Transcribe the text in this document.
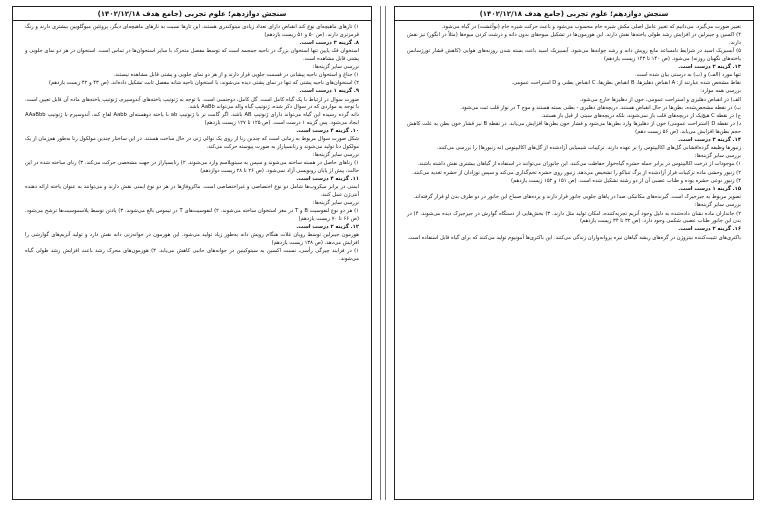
سنجش دوازدهم؛ علوم تجربی (جامع هدف ۱۴۰۲/۱۲/۱۸)

۱) تارهای ماهیچه‌ای نوع کند انقباض دارای تعداد زیادی میتوکندری هستند. این تارها نسبت به تارهای ماهیچه‌ای دیگر، پروتئین میوگلوبین بیشتری دارند و رنگ قرمزتری دارند. (ص ۵۰ و ۵۱ زیست یازدهم)

۸. گزینه ۳ درست است.

استخوان فک پایین تنها استخوان بزرگ در ناحیه جمجمه است که توسط مفصل متحرک با سایر استخوان‌ها در تماس است. استخوان در هر دو نمای جلویی و پشتی قابل مشاهده است.

بررسی سایر گزینه‌ها:

۱) جناغ و استخوان ناحیه پیشانی در قسمت جلویی قرار دارند و از هر دو نمای جلویی و پشتی قابل مشاهده نیستند.

۲) استخوان‌های ناحیه پشتی که تنها در نمای پشتی دیده می‌شوند، با استخوان ناحیه شانه مفصل ثابت تشکیل داده‌اند. (ص ۴۳ و ۴۲ زیست یازدهم)

۹. گزینه ۱ درست است.

صورت سوال در ارتباط با یک گیاه کامل است. گل کامل، دوجنسی است. با توجه به ژنوتیپ یاخته‌های آندوسپرم، ژنوتیپ یاخته‌های ماده آن قابل تعیین است. با توجه به مواردی که در سوال ذکر شده، ژنوتیپ گیاه والد می‌تواند AaBb باشد.

دانه گرده رسیده این گیاه می‌تواند دارای ژنوتیپ AB باشد. اگر گامت نر با ژنوتیپ ab با یاخته دوهسته‌ای Aabb لقاح کند، آندوسپرم با ژنوتیپ AAaBbb ایجاد می‌شود. پس گزینه ۱ درست است. (ص ۱۲۵ تا ۱۲۷ زیست یازدهم)

۱۰. گزینه ۴ درست است.

شکل صورت سوال مربوط به زمانی است که چندین رنا از روی یک نوالی ژنی در حال ساخت هستند. در این ساختار چندین مولکول رنا به‌طور هم‌زمان از یک مولکول دنا تولید می‌شوند و رنابسپاراز به صورت پیوسته حرکت می‌کند.

بررسی سایر گزینه‌ها:

۱) رناهای حاصل در هسته ساخته می‌شوند و سپس به سیتوپلاسم وارد می‌شوند. ۲) رنابسپاراز در جهت مشخصی حرکت می‌کند. ۳) رنای ساخته شده در این حالت، پیش از پایان رونویسی آزاد نمی‌شود. (ص ۲۶ تا ۲۸ زیست دوازدهم)

۱۱. گزینه ۴ درست است.

ایمنی در برابر میکروب‌ها شامل دو نوع اختصاصی و غیراختصاصی است. ماکروفاژها در هر دو نوع ایمنی نقش دارند و می‌توانند به عنوان یاخته ارائه دهنده آنتی‌ژن عمل کنند.

بررسی سایر گزینه‌ها:

۱) هر دو نوع لنفوسیت B و T در مغز استخوان ساخته می‌شوند. ۲) لنفوسیت‌های T در تیموس بالغ می‌شوند. ۳) پادتن توسط پلاسموسیت‌ها ترشح می‌شود. (ص ۶۶ تا ۷۰ زیست یازدهم)

۱۲. گزینه ۲ درست است.

هورمون جیبرلین توسط رویان غلات هنگام رویش دانه به‌طور زیاد تولید می‌شود. این هورمون در جوانه‌زنی دانه نقش دارد و تولید آنزیم‌های گوارشی را افزایش می‌دهد. (ص ۱۳۸ زیست یازدهم)

۱) در فرایند چیرگی رأسی، نسبت اکسین به سیتوکینین در جوانه‌های جانبی کاهش می‌یابد. ۳) هورمون‌های محرک رشد باعث افزایش رشد طولی گیاه می‌شوند.

سنجش دوازدهم؛ علوم تجربی (جامع هدف ۱۴۰۲/۱۲/۱۸)

تغییر صورت می‌گیرد. می‌دانیم که تغییر عامل اصلی مکش شیره خام محسوب می‌شود و باعث حرکت شیره خام (نوآغشت) در گیاه می‌شود.

۴) اکسین و جیبرلین در افزایش رشد طولی یاخته‌ها نقش دارند. این هورمون‌ها در تشکیل میوه‌های بدون دانه و درشت کردن میوه‌ها (مثلاً در انگور) نیز نقش دارند.

۵) آبسیزیک اسید در شرایط نامساعد مانع رویش دانه و رشد جوانه‌ها می‌شود. آبسیزیک اسید باعث بسته شدن روزنه‌های هوایی (کاهش فشار تورژسانس یاخته‌های نگهبان روزنه) می‌شود. (ص ۱۴۰ تا ۱۴۳ زیست یازدهم)

۱۳. گزینه ۲ درست است.

تنها مورد (الف) و (ب) به درستی بیان شده است.

نقاط مشخص شده عبارتند از: A انقباض دهلیزها، B انقباض بطن‌ها، C انقباض بطنی و D استراحت عمومی.

بررسی همه موارد:

الف) در انقباض دهلیزی و استراحت عمومی، خون از دهلیزها خارج می‌شود.

ب) در نقطه مشخص‌شده، بطن‌ها در حال انقباض هستند. دریچه‌های دهلیزی - بطنی بسته هستند و موج T در نوار قلب ثبت می‌شود.

ج) در نقطه C هیچ‌یک از دریچه‌های قلب باز نمی‌شوند، بلکه دریچه‌های سینی از قبل باز هستند.

د) در نقطه D (استراحت عمومی) خون از دهلیزها وارد بطن‌ها می‌شود و فشار خون بطن‌ها افزایش می‌یابد. در نقطه B نیز فشار خون بطن به علت کاهش حجم بطن‌ها افزایش می‌یابد. (ص ۵۶ زیست دهم)

۱۴. گزینه ۳ درست است.

زنبورها وظیفه گرده‌افشانی گل‌های اکالیپتوس را بر عهده دارند. ترکیبات شیمیایی آزادشده از گل‌های اکالیپتوس (نه زنبورها) را بررسی می‌کنند.

بررسی سایر گزینه‌ها:

۱) موجودات از درخت اکالیپتوس در برابر حمله حشره گیاه‌خوار حفاظت می‌کنند. این جانوران می‌توانند در استفاده از گیاهان بیشتری نقش داشته باشند.

۲) زنبور وحشی ماده ترکیبات فرار آزادشده از برگ تنباکو را تشخیص می‌دهد. زنبور روی حشره تخم‌گذاری می‌کند و سپس نوزادان از حشره تغذیه می‌کنند.

۴) زنبور نوعی حشره بوده و طناب عصبی آن از دو رشته تشکیل شده است. (ص ۱۵۱ و ۱۵۲ زیست یازدهم)

۱۵. گزینه ۱ درست است.

تصویر مربوط به جیرجیرک است. گیرنده‌های مکانیکی صدا در پاهای جلویی جانور قرار دارند و پرده‌های صماخ این جانور در دو طرف بدن او قرار گرفته‌اند.

بررسی سایر گزینه‌ها:

۲) جانداران ماده نشان داده‌شده به دلیل وجود آنزیم تجزیه‌کننده، امکان تولید مثل دارند. ۳) بخش‌هایی از دستگاه گوارش در جیرجیرک دیده می‌شوند. ۴) در بدن این جانور طناب عصبی شکمی وجود دارد. (ص ۳۲ تا ۳۴ زیست یازدهم)

۱۶. گزینه ۲ درست است.

باکتری‌های تثبیت‌کننده نیتروژن در گره‌های ریشه گیاهان تیره پروانه‌واران زندگی می‌کنند. این باکتری‌ها آمونیوم تولید می‌کنند که برای گیاه قابل استفاده است.
